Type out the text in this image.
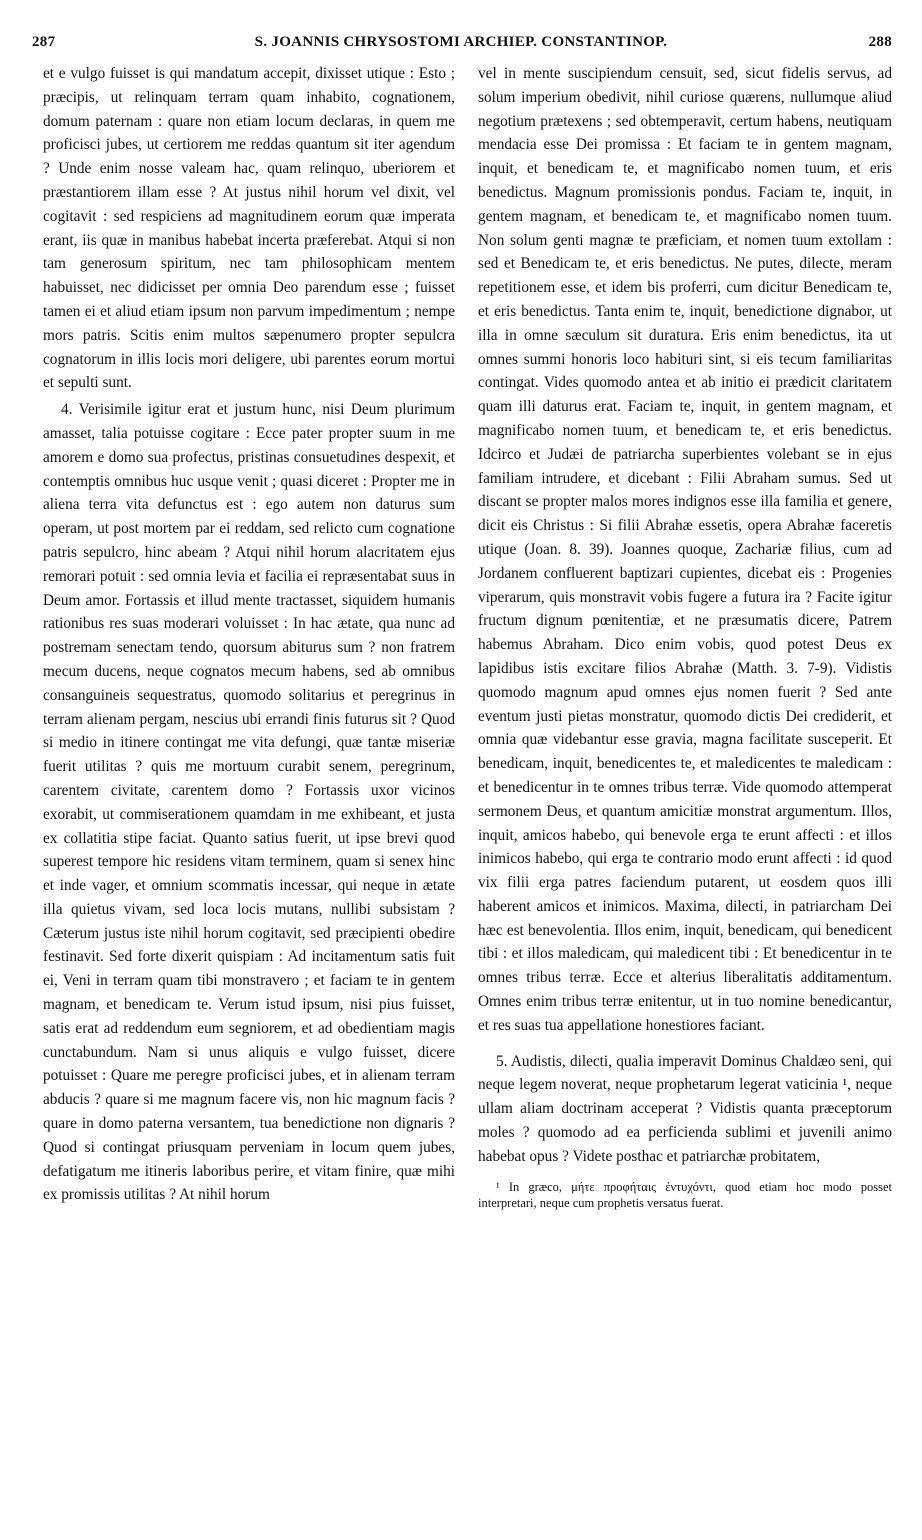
287	S. JOANNIS CHRYSOSTOMI ARCHIEP. CONSTANTINOP.	288

et e vulgo fuisset is qui mandatum accepit, dixisset utique : Esto ; præcipis, ut relinquam terram quam inhabito, cognationem, domum paternam : quare non etiam locum declaras, in quem me proficisci jubes, ut certiorem me reddas quantum sit iter agendum ? Unde enim nosse valeam hac, quam relinquo, uberiorem et præstantiorem illam esse ? At justus nihil horum vel dixit, vel cogitavit : sed respiciens ad magnitudinem eorum quæ imperata erant, iis quæ in manibus habebat incerta præferebat. Atqui si non tam generosum spiritum, nec tam philosophicam mentem habuisset, nec didicisset per omnia Deo parendum esse ; fuisset tamen ei et aliud etiam ipsum non parvum impedimentum ; nempe mors patris. Scitis enim multos sæpenumero propter sepulcra cognatorum in illis locis mori deligere, ubi parentes eorum mortui et sepulti sunt.

4. Verisimile igitur erat et justum hunc, nisi Deum plurimum amasset, talia potuisse cogitare : Ecce pater propter suum in me amorem e domo sua profectus, pristinas consuetudines despexit, et contemptis omnibus huc usque venit ; quasi diceret : Propter me in aliena terra vita defunctus est : ego autem non daturus sum operam, ut post mortem par ei reddam, sed relicto cum cognatione patris sepulcro, hinc abeam ? Atqui nihil horum alacritatem ejus remorari potuit : sed omnia levia et facilia ei repræsentabat suus in Deum amor. Fortassis et illud mente tractasset, siquidem humanis rationibus res suas moderari voluisset : In hac ætate, qua nunc ad postremam senectam tendo, quorsum abiturus sum ? non fratrem mecum ducens, neque cognatos mecum habens, sed ab omnibus consanguineis sequestratus, quomodo solitarius et peregrinus in terram alienam pergam, nescius ubi errandi finis futurus sit ? Quod si medio in itinere contingat me vita defungi, quæ tantæ miseriæ fuerit utilitas ? quis me mortuum curabit senem, peregrinum, carentem civitate, carentem domo ? Fortassis uxor vicinos exorabit, ut commiserationem quamdam in me exhibeant, et justa ex collatitia stipe faciat. Quanto satius fuerit, ut ipse brevi quod superest tempore hic residens vitam terminem, quam si senex hinc et inde vager, et omnium scommatis incessar, qui neque in ætate illa quietus vivam, sed loca locis mutans, nullibi subsistam ? Cæterum justus iste nihil horum cogitavit, sed præcipienti obedire festinavit. Sed forte dixerit quispiam : Ad incitamentum satis fuit ei, Veni in terram quam tibi monstravero ; et faciam te in gentem magnam, et benedicam te. Verum istud ipsum, nisi pius fuisset, satis erat ad reddendum eum segniorem, et ad obedientiam magis cunctabundum. Nam si unus aliquis e vulgo fuisset, dicere potuisset : Quare me peregre proficisci jubes, et in alienam terram abducis ? quare si me magnum facere vis, non hic magnum facis ? quare in domo paterna versantem, tua benedictione non dignaris ? Quod si contingat priusquam perveniam in locum quem jubes, defatigatum me itineris laboribus perire, et vitam finire, quæ mihi ex promissis utilitas ? At nihil horum

vel in mente suscipiendum censuit, sed, sicut fidelis servus, ad solum imperium obedivit, nihil curiose quærens, nullumque aliud negotium prætexens ; sed obtemperavit, certum habens, neutiquam mendacia esse Dei promissa : Et faciam te in gentem magnam, inquit, et benedicam te, et magnificabo nomen tuum, et eris benedictus. Magnum promissionis pondus. Faciam te, inquit, in gentem magnam, et benedicam te, et magnificabo nomen tuum. Non solum genti magnæ te præficiam, et nomen tuum extollam : sed et Benedicam te, et eris benedictus. Ne putes, dilecte, meram repetitionem esse, et idem bis proferri, cum dicitur Benedicam te, et eris benedictus. Tanta enim te, inquit, benedictione dignabor, ut illa in omne sæculum sit duratura. Eris enim benedictus, ita ut omnes summi honoris loco habituri sint, si eis tecum familiaritas contingat. Vides quomodo antea et ab initio ei prædicit claritatem quam illi daturus erat. Faciam te, inquit, in gentem magnam, et magnificabo nomen tuum, et benedicam te, et eris benedictus. Idcirco et Judæi de patriarcha superbientes volebant se in ejus familiam intrudere, et dicebant : Filii Abraham sumus. Sed ut discant se propter malos mores indignos esse illa familia et genere, dicit eis Christus : Si filii Abrahæ essetis, opera Abrahæ faceretis utique (Joan. 8. 39). Joannes quoque, Zachariæ filius, cum ad Jordanem confluerent baptizari cupientes, dicebat eis : Progenies viperarum, quis monstravit vobis fugere a futura ira ? Facite igitur fructum dignum pœnitentiæ, et ne præsumatis dicere, Patrem habemus Abraham. Dico enim vobis, quod potest Deus ex lapidibus istis excitare filios Abrahæ (Matth. 3. 7-9). Vidistis quomodo magnum apud omnes ejus nomen fuerit ? Sed ante eventum justi pietas monstratur, quomodo dictis Dei crediderit, et omnia quæ videbantur esse gravia, magna facilitate susceperit. Et benedicam, inquit, benedicentes te, et maledicentes te maledicam : et benedicentur in te omnes tribus terræ. Vide quomodo attemperat sermonem Deus, et quantum amicitiæ monstrat argumentum. Illos, inquit, amicos habebo, qui benevole erga te erunt affecti : et illos inimicos habebo, qui erga te contrario modo erunt affecti : id quod vix filii erga patres faciendum putarent, ut eosdem quos illi haberent amicos et inimicos. Maxima, dilecti, in patriarcham Dei hæc est benevolentia. Illos enim, inquit, benedicam, qui benedicent tibi : et illos maledicam, qui maledicent tibi : Et benedicentur in te omnes tribus terræ. Ecce et alterius liberalitatis additamentum. Omnes enim tribus terræ enitentur, ut in tuo nomine benedicantur, et res suas tua appellatione honestiores faciant.

5. Audistis, dilecti, qualia imperavit Dominus Chaldæo seni, qui neque legem noverat, neque prophetarum legerat vaticinia ¹, neque ullam aliam doctrinam acceperat ? Vidistis quanta præceptorum moles ? quomodo ad ea perficienda sublimi et juvenili animo habebat opus ? Videte posthac et patriarchæ probitatem,

¹ In græco, μήτε προφήταις ἐντυχόντι, quod etiam hoc modo posset interpretari, neque cum prophetis versatus fuerat.
